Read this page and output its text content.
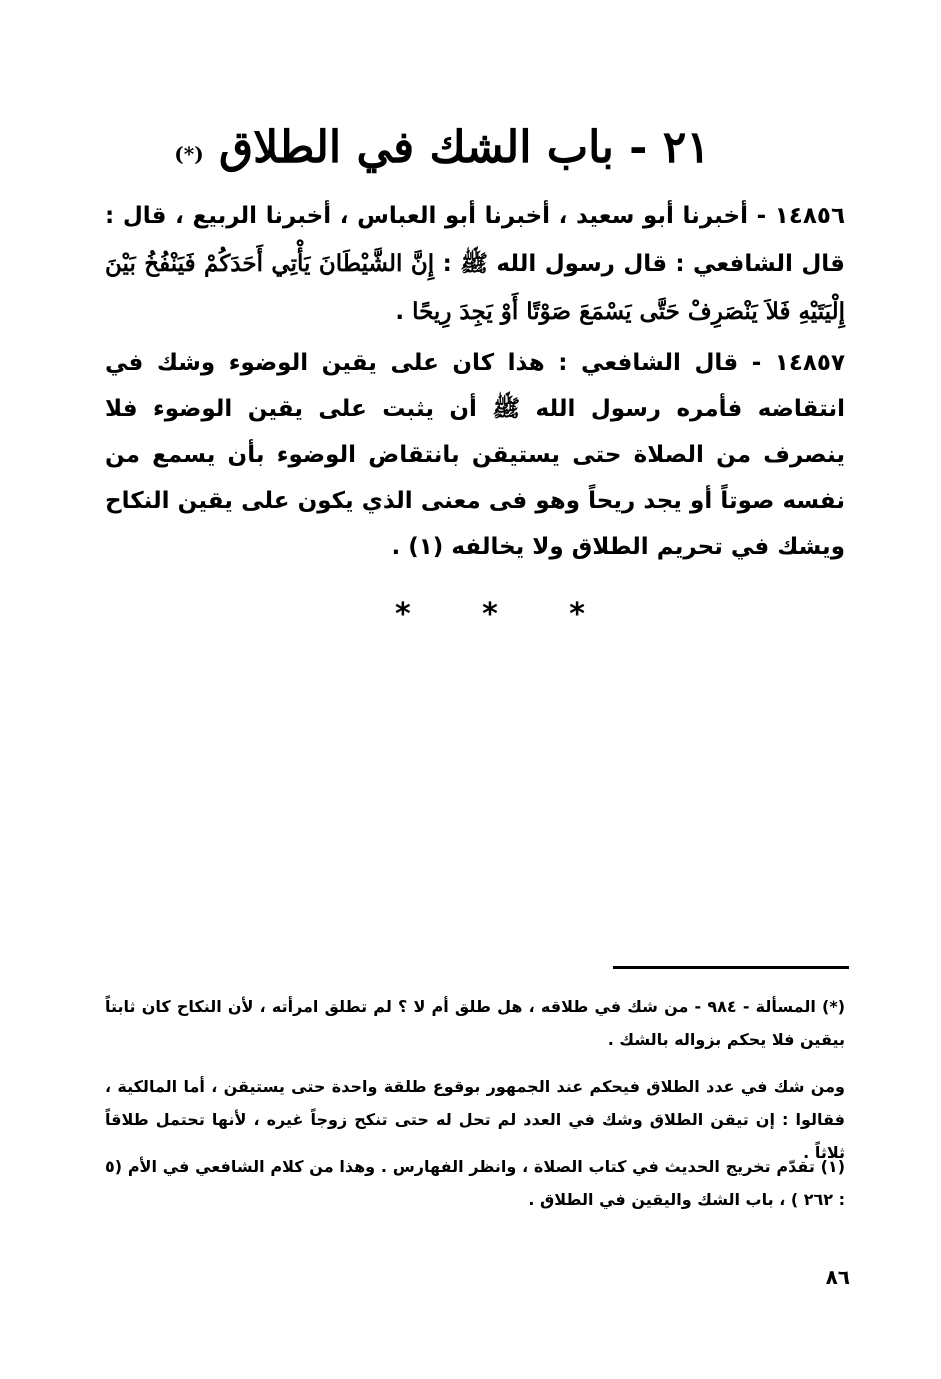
٢١ - باب الشك في الطلاق (*)
١٤٨٥٦ - أخبرنا أبو سعيد ، أخبرنا أبو العباس ، أخبرنا الربيع ، قال : قال الشافعي : قال رسول الله ﷺ : إِنَّ الشَّيْطَانَ يَأْتِي أَحَدَكُمْ فَيَنْفُخُ بَيْنَ إِلْيَتَيْهِ فَلاَ يَنْصَرِفْ حَتَّى يَسْمَعَ صَوْتًا أَوْ يَجِدَ رِيحًا .
١٤٨٥٧ - قال الشافعي : هذا كان على يقين الوضوء وشك في انتقاضه فأمره رسول الله ﷺ أن يثبت على يقين الوضوء فلا ينصرف من الصلاة حتى يستيقن بانتقاض الوضوء بأن يسمع من نفسه صوتاً أو يجد ريحاً وهو فى معنى الذي يكون على يقين النكاح ويشك في تحريم الطلاق ولا يخالفه (١) .
* * *
(*) المسألة - ٩٨٤ - من شك في طلاقه ، هل طلق أم لا ؟ لم تطلق امرأته ، لأن النكاح كان ثابتاً بيقين فلا يحكم بزواله بالشك .
ومن شك في عدد الطلاق فيحكم عند الجمهور بوقوع طلقة واحدة حتى يستيقن ، أما المالكية ، فقالوا : إن تيقن الطلاق وشك في العدد لم تحل له حتى تنكح زوجاً غيره ، لأنها تحتمل طلاقاً ثلاثاً .
(١) تقدّم تخريج الحديث في كتاب الصلاة ، وانظر الفهارس . وهذا من كلام الشافعي في الأم (٥ : ٢٦٢ ) ، باب الشك واليقين في الطلاق .
٨٦
